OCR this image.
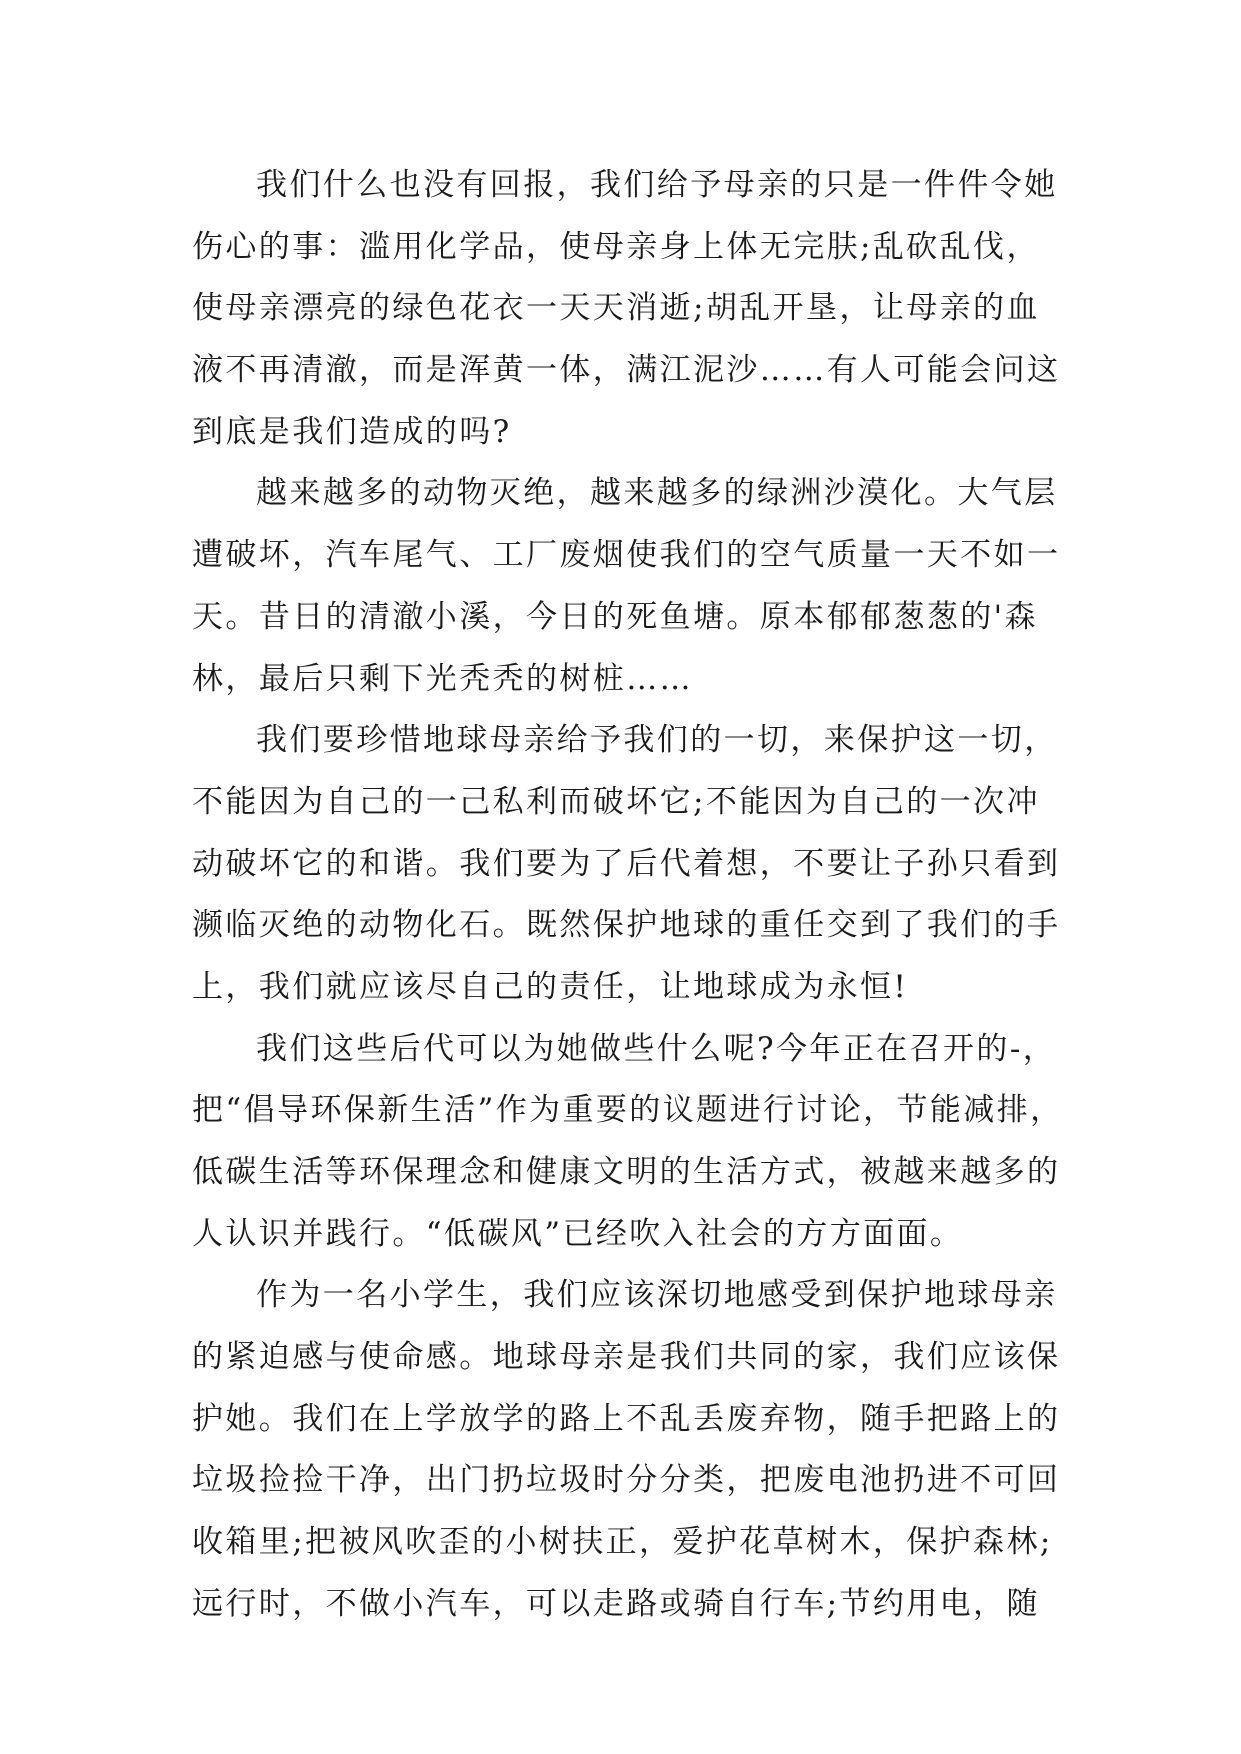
我们什么也没有回报，我们给予母亲的只是一件件令她
伤心的事：滥用化学品，使母亲身上体无完肤;乱砍乱伐，
使母亲漂亮的绿色花衣一天天消逝;胡乱开垦，让母亲的血
液不再清澈，而是浑黄一体，满江泥沙……有人可能会问这
到底是我们造成的吗?
越来越多的动物灭绝，越来越多的绿洲沙漠化。大气层
遭破坏，汽车尾气、工厂废烟使我们的空气质量一天不如一
天。昔日的清澈小溪，今日的死鱼塘。原本郁郁葱葱的'森
林，最后只剩下光秃秃的树桩……
我们要珍惜地球母亲给予我们的一切，来保护这一切，
不能因为自己的一己私利而破坏它;不能因为自己的一次冲
动破坏它的和谐。我们要为了后代着想，不要让子孙只看到
濒临灭绝的动物化石。既然保护地球的重任交到了我们的手
上，我们就应该尽自己的责任，让地球成为永恒!
我们这些后代可以为她做些什么呢?今年正在召开的-，
把“倡导环保新生活”作为重要的议题进行讨论，节能减排，
低碳生活等环保理念和健康文明的生活方式，被越来越多的
人认识并践行。“低碳风”已经吹入社会的方方面面。
作为一名小学生，我们应该深切地感受到保护地球母亲
的紧迫感与使命感。地球母亲是我们共同的家，我们应该保
护她。我们在上学放学的路上不乱丢废弃物，随手把路上的
垃圾捡捡干净，出门扔垃圾时分分类，把废电池扔进不可回
收箱里;把被风吹歪的小树扶正，爱护花草树木，保护森林;
远行时，不做小汽车，可以走路或骑自行车;节约用电，随
